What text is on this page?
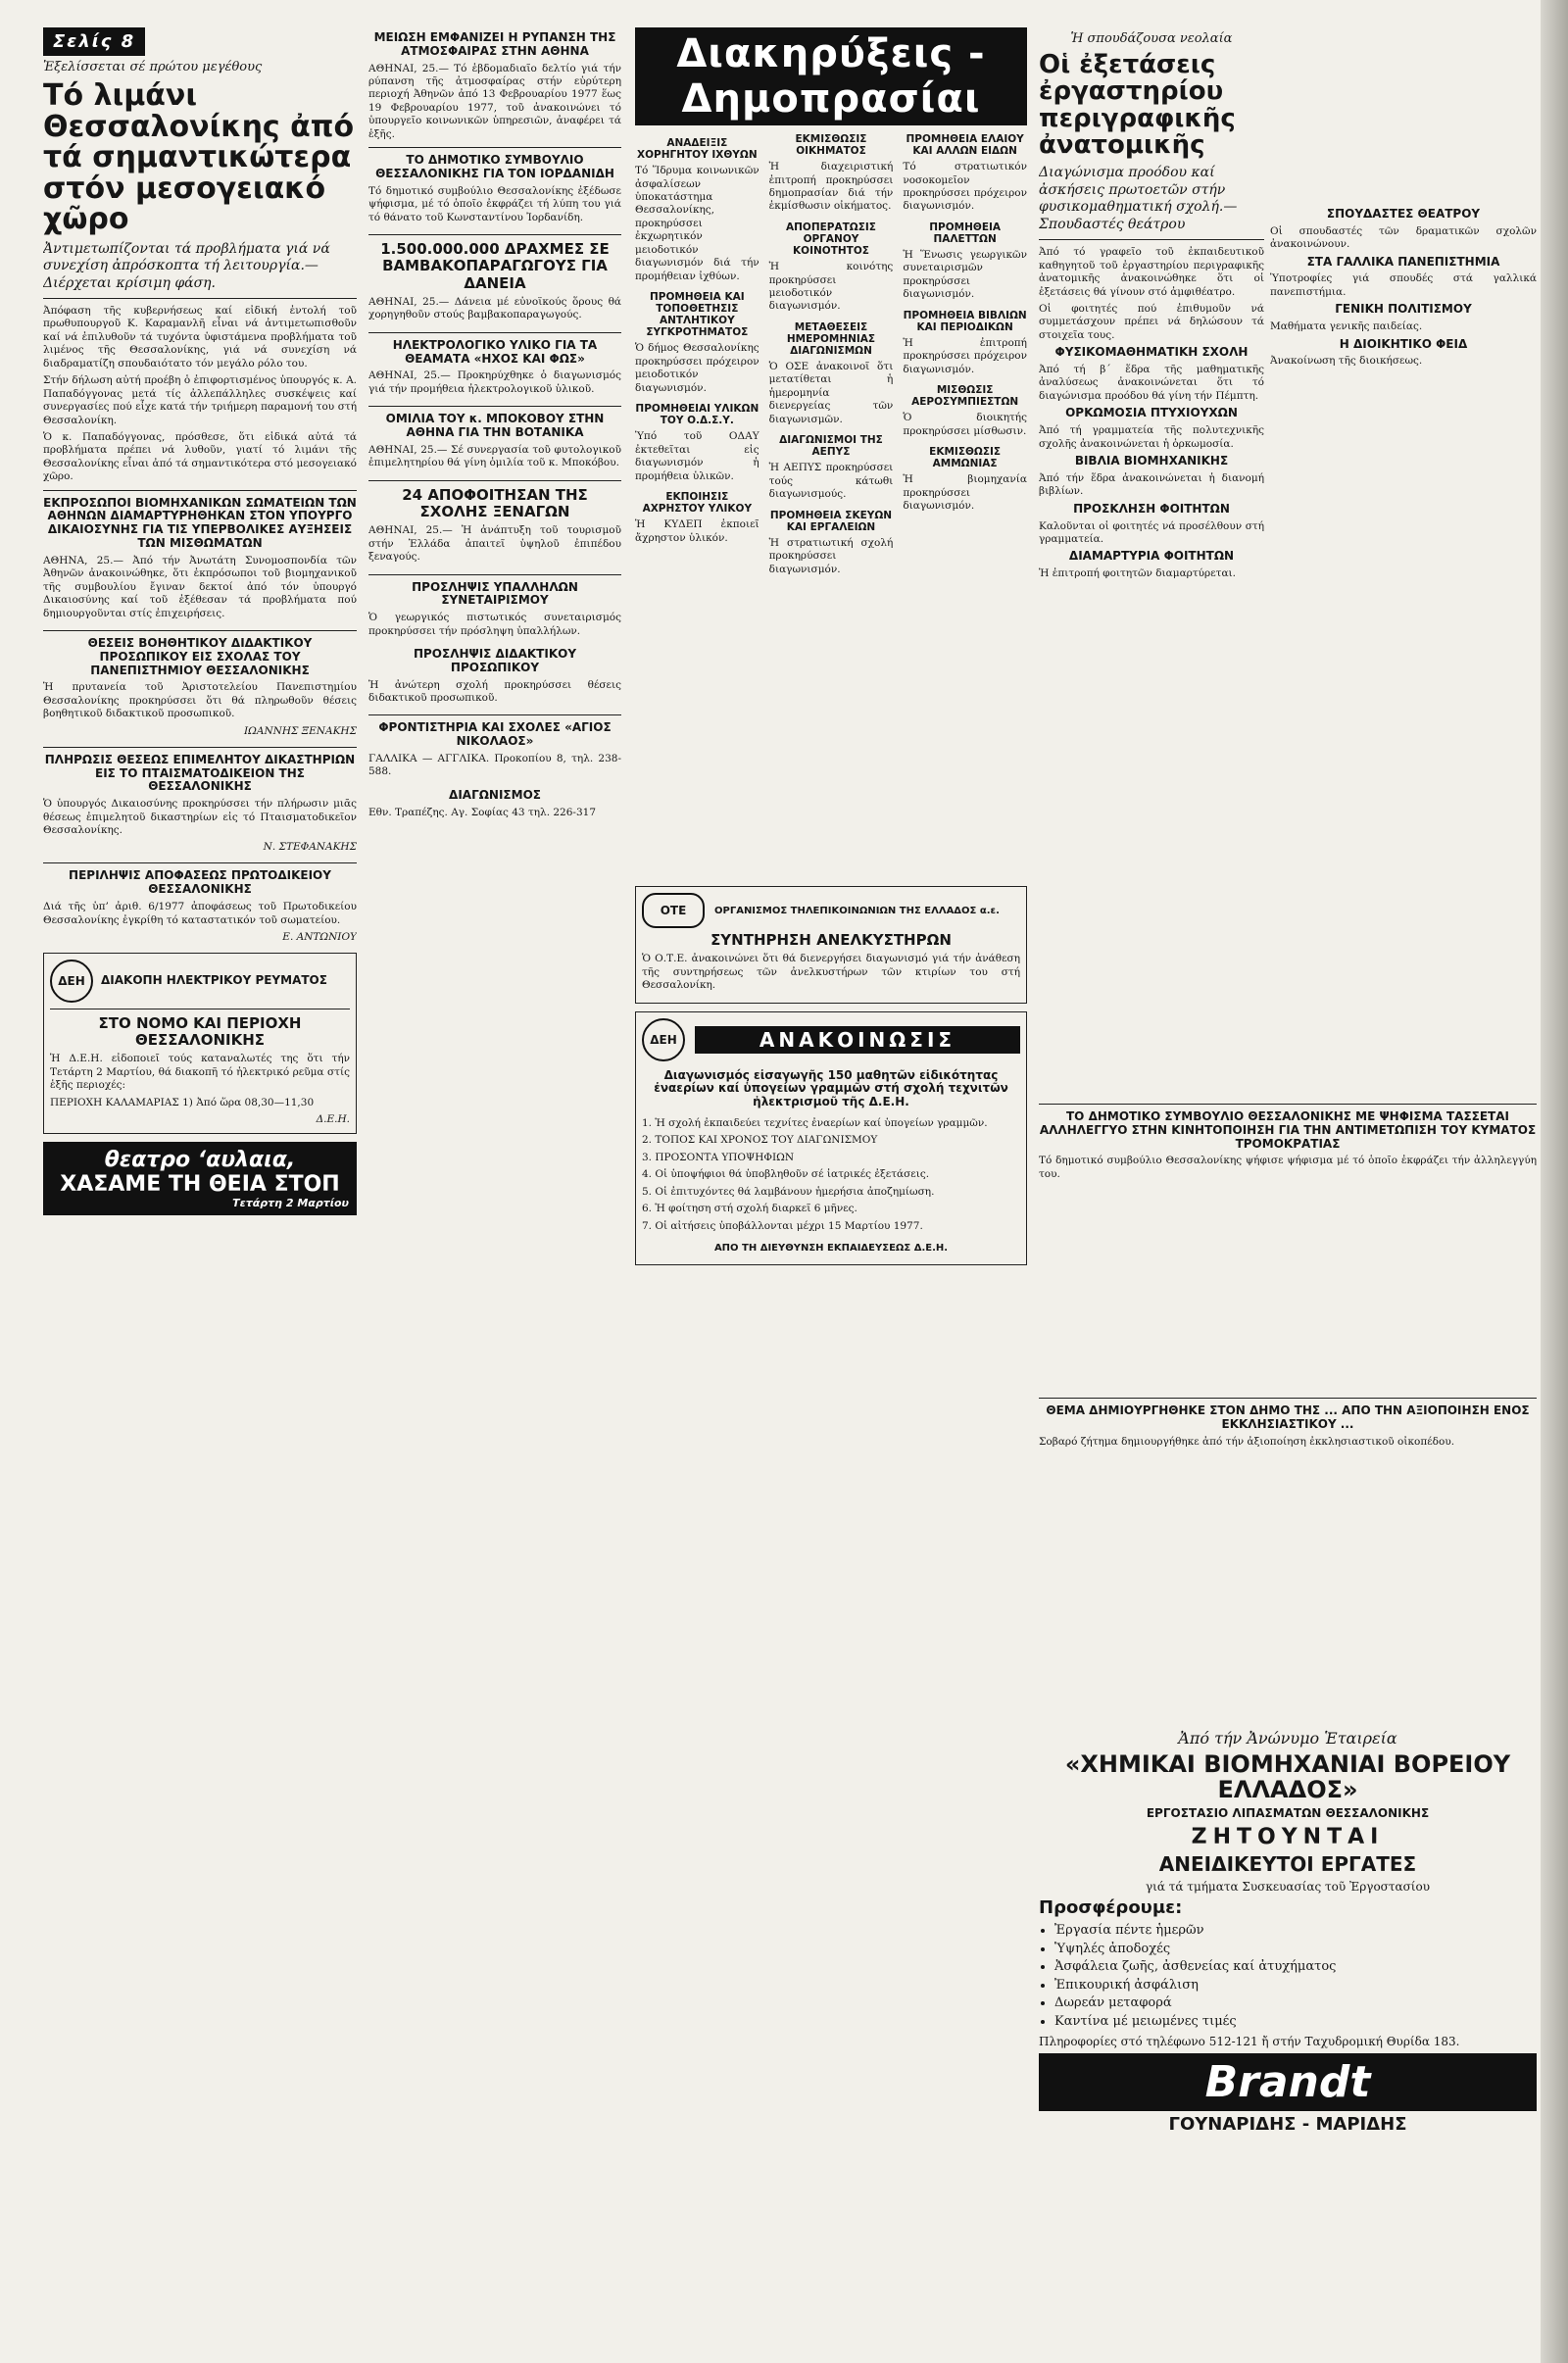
Σελίς 8
Ἐξελίσσεται σέ πρώτου μεγέθους
Τό λιμάνι Θεσσαλονίκης ἀπό τά σημαντικώτερα στόν μεσογειακό χῶρο
Ἀντιμετωπίζονται τά προβλήματα γιά νά συνεχίση ἀπρόσκοπτα τή λειτουργία.— Διέρχεται κρίσιμη φάση.

Ἀπόφαση τῆς κυβερνήσεως καί εἰδική ἐντολή τοῦ πρωθυπουργοῦ Κ. Καραμανλῆ εἶναι νά ἀντιμετωπισθοῦν καί νά ἐπιλυθοῦν τά τυχόντα ὑφιστάμενα προβλήματα τοῦ λιμένος τῆς Θεσσαλονίκης, γιά νά συνεχίση νά διαδραματίζη σπουδαιότατο τόν μεγάλο ρόλο του.

Στήν δήλωση αὐτή προέβη ὁ ἐπιφορτισμένος ὑπουργός κ. Α. Παπαδόγγονας μετά τίς ἀλλεπάλληλες συσκέψεις καί συνεργασίες πού εἶχε κατά τήν τριήμερη παραμονή του στή Θεσσαλονίκη.

Ὁ κ. Παπαδόγγονας, πρόσθεσε, ὅτι εἰδικά αὐτά τά προβλήματα πρέπει νά λυθοῦν, γιατί τό λιμάνι τῆς Θεσσαλονίκης εἶναι ἀπό τά σημαντικότερα στό μεσογειακό χῶρο.

ΕΚΠΡΟΣΩΠΟΙ ΒΙΟΜΗΧΑΝΙΚΩΝ ΣΩΜΑΤΕΙΩΝ ΤΩΝ ΑΘΗΝΩΝ ΔΙΑΜΑΡΤΥΡΗΘΗΚΑΝ ΣΤΟΝ ΥΠΟΥΡΓΟ ΔΙΚΑΙΟΣΥΝΗΣ ΓΙΑ ΤΙΣ ΥΠΕΡΒΟΛΙΚΕΣ ΑΥΞΗΣΕΙΣ ΤΩΝ ΜΙΣΘΩΜΑΤΩΝ

ΑΘΗΝΑ, 25.— Ἀπό τήν Ἀνωτάτη Συνομοσπονδία τῶν Ἀθηνῶν ἀνακοινώθηκε, ὅτι ἐκπρόσωποι τοῦ βιομηχανικοῦ τῆς συμβουλίου ἔγιναν δεκτοί ἀπό τόν ὑπουργό Δικαιοσύνης καί τοῦ ἐξέθεσαν τά προβλήματα πού δημιουργοῦνται στίς ἐπιχειρήσεις.

ΘΕΣΕΙΣ ΒΟΗΘΗΤΙΚΟΥ ΔΙΔΑΚΤΙΚΟΥ ΠΡΟΣΩΠΙΚΟΥ ΕΙΣ ΣΧΟΛΑΣ ΤΟΥ ΠΑΝΕΠΙΣΤΗΜΙΟΥ ΘΕΣΣΑΛΟΝΙΚΗΣ

Ἡ πρυτανεία τοῦ Ἀριστοτελείου Πανεπιστημίου Θεσσαλονίκης προκηρύσσει ὅτι θά πληρωθοῦν θέσεις βοηθητικοῦ διδακτικοῦ προσωπικοῦ.

ΙΩΑΝΝΗΣ ΞΕΝΑΚΗΣ
ΠΛΗΡΩΣΙΣ ΘΕΣΕΩΣ ΕΠΙΜΕΛΗΤΟΥ ΔΙΚΑΣΤΗΡΙΩΝ ΕΙΣ ΤΟ ΠΤΑΙΣΜΑΤΟΔΙΚΕΙΟΝ ΤΗΣ ΘΕΣΣΑΛΟΝΙΚΗΣ

Ὁ ὑπουργός Δικαιοσύνης προκηρύσσει τήν πλήρωσιν μιᾶς θέσεως ἐπιμελητοῦ δικαστηρίων εἰς τό Πταισματοδικεῖον Θεσσαλονίκης.

Ν. ΣΤΕΦΑΝΑΚΗΣ
ΠΕΡΙΛΗΨΙΣ ΑΠΟΦΑΣΕΩΣ ΠΡΩΤΟΔΙΚΕΙΟΥ ΘΕΣΣΑΛΟΝΙΚΗΣ

Διά τῆς ὑπ’ ἀριθ. 6/1977 ἀποφάσεως τοῦ Πρωτοδικείου Θεσσαλονίκης ἐγκρίθη τό καταστατικόν τοῦ σωματείου.

Ε. ΑΝΤΩΝΙΟΥ
ΔΕΗ	ΔΙΑΚΟΠΗ ΗΛΕΚΤΡΙΚΟΥ ΡΕΥΜΑΤΟΣ
ΣΤΟ ΝΟΜΟ ΚΑΙ ΠΕΡΙΟΧΗ ΘΕΣΣΑΛΟΝΙΚΗΣ

Ἡ Δ.Ε.Η. εἰδοποιεῖ τούς καταναλωτές της ὅτι τήν Τετάρτη 2 Μαρτίου, θά διακοπῆ τό ἠλεκτρικό ρεῦμα στίς ἑξῆς περιοχές:

ΠΕΡΙΟΧΗ ΚΑΛΑΜΑΡΙΑΣ 1) Ἀπό ὥρα 08,30—11,30

Δ.Ε.Η.
θεατρο ‘αυλαια,
ΧΑΣΑΜΕ ΤΗ ΘΕΙΑ ΣΤΟΠ
Τετάρτη 2 Μαρτίου
ΜΕΙΩΣΗ ΕΜΦΑΝΙΖΕΙ Η ΡΥΠΑΝΣΗ ΤΗΣ ΑΤΜΟΣΦΑΙΡΑΣ ΣΤΗΝ ΑΘΗΝΑ

ΑΘΗΝΑΙ, 25.— Τό ἑβδομαδιαῖο δελτίο γιά τήν ρύπανση τῆς ἀτμοσφαίρας στήν εὐρύτερη περιοχή Ἀθηνῶν ἀπό 13 Φεβρουαρίου 1977 ἕως 19 Φεβρουαρίου 1977, τοῦ ἀνακοινώνει τό ὑπουργεῖο κοινωνικῶν ὑπηρεσιῶν, ἀναφέρει τά ἑξῆς.

ΤΟ ΔΗΜΟΤΙΚΟ ΣΥΜΒΟΥΛΙΟ ΘΕΣΣΑΛΟΝΙΚΗΣ ΓΙΑ ΤΟΝ ΙΟΡΔΑΝΙΔΗ

Τό δημοτικό συμβούλιο Θεσσαλονίκης ἐξέδωσε ψήφισμα, μέ τό ὁποῖο ἐκφράζει τή λύπη του γιά τό θάνατο τοῦ Κωνσταντίνου Ἰορδανίδη.

1.500.000.000 ΔΡΑΧΜΕΣ ΣΕ ΒΑΜΒΑΚΟΠΑΡΑΓΩΓΟΥΣ ΓΙΑ ΔΑΝΕΙΑ

ΑΘΗΝΑΙ, 25.— Δάνεια μέ εὐνοϊκούς ὅρους θά χορηγηθοῦν στούς βαμβακοπαραγωγούς.

ΗΛΕΚΤΡΟΛΟΓΙΚΟ ΥΛΙΚΟ ΓΙΑ ΤΑ ΘΕΑΜΑΤΑ «ΗΧΟΣ ΚΑΙ ΦΩΣ»

ΑΘΗΝΑΙ, 25.— Προκηρύχθηκε ὁ διαγωνισμός γιά τήν προμήθεια ἠλεκτρολογικοῦ ὑλικοῦ.

ΟΜΙΛΙΑ ΤΟΥ κ. ΜΠΟΚΟΒΟΥ ΣΤΗΝ ΑΘΗΝΑ ΓΙΑ ΤΗΝ ΒΟΤΑΝΙΚΑ

ΑΘΗΝΑΙ, 25.— Σέ συνεργασία τοῦ φυτολογικοῦ ἐπιμελητηρίου θά γίνη ὁμιλία τοῦ κ. Μποκόβου.

24 ΑΠΟΦΟΙΤΗΣΑΝ ΤΗΣ ΣΧΟΛΗΣ ΞΕΝΑΓΩΝ

ΑΘΗΝΑΙ, 25.— Ἡ ἀνάπτυξη τοῦ τουρισμοῦ στήν Ἑλλάδα ἀπαιτεῖ ὑψηλοῦ ἐπιπέδου ξεναγούς.

ΠΡΟΣΛΗΨΙΣ ΥΠΑΛΛΗΛΩΝ ΣΥΝΕΤΑΙΡΙΣΜΟΥ

Ὁ γεωργικός πιστωτικός συνεταιρισμός προκηρύσσει τήν πρόσληψη ὑπαλλήλων.

ΠΡΟΣΛΗΨΙΣ ΔΙΔΑΚΤΙΚΟΥ ΠΡΟΣΩΠΙΚΟΥ

Ἡ ἀνώτερη σχολή προκηρύσσει θέσεις διδακτικοῦ προσωπικοῦ.

ΦΡΟΝΤΙΣΤΗΡΙΑ ΚΑΙ ΣΧΟΛΕΣ «ΑΓΙΟΣ ΝΙΚΟΛΑΟΣ»

ΓΑΛΛΙΚΑ — ΑΓΓΛΙΚΑ. Προκοπίου 8, τηλ. 238-588.

ΔΙΑΓΩΝΙΣΜΟΣ

Εθν. Τραπέζης. Αγ. Σοφίας 43 τηλ. 226-317

Διακηρύξεις - Δημοπρασίαι
ΑΝΑΔΕΙΞΙΣ ΧΟΡΗΓΗΤΟΥ ΙΧΘΥΩΝ

Τό Ἵδρυμα κοινωνικῶν ἀσφαλίσεων ὑποκατάστημα Θεσσαλονίκης, προκηρύσσει ἐκχωρητικόν μειοδοτικόν διαγωνισμόν διά τήν προμήθειαν ἰχθύων.

ΠΡΟΜΗΘΕΙΑ ΚΑΙ ΤΟΠΟΘΕΤΗΣΙΣ ΑΝΤΛΗΤΙΚΟΥ ΣΥΓΚΡΟΤΗΜΑΤΟΣ

Ὁ δήμος Θεσσαλονίκης προκηρύσσει πρόχειρον μειοδοτικόν διαγωνισμόν.

ΠΡΟΜΗΘΕΙΑΙ ΥΛΙΚΩΝ ΤΟΥ Ο.Δ.Σ.Υ.

Ὑπό τοῦ ΟΔΑΥ ἐκτεθεῖται εἰς διαγωνισμόν ἡ προμήθεια ὑλικῶν.

ΕΚΠΟΙΗΣΙΣ ΑΧΡΗΣΤΟΥ ΥΛΙΚΟΥ

Ἡ ΚΥΔΕΠ ἐκποιεῖ ἄχρηστον ὑλικόν.

ΕΚΜΙΣΘΩΣΙΣ ΟΙΚΗΜΑΤΟΣ

Ἡ διαχειριστική ἐπιτροπή προκηρύσσει δημοπρασίαν διά τήν ἐκμίσθωσιν οἰκήματος.

ΑΠΟΠΕΡΑΤΩΣΙΣ ΟΡΓΑΝΟΥ ΚΟΙΝΟΤΗΤΟΣ

Ἡ κοινότης προκηρύσσει μειοδοτικόν διαγωνισμόν.

ΜΕΤΑΘΕΣΕΙΣ ΗΜΕΡΟΜΗΝΙΑΣ ΔΙΑΓΩΝΙΣΜΩΝ

Ὁ ΟΣΕ ἀνακοινοῖ ὅτι μετατίθεται ἡ ἡμερομηνία διενεργείας τῶν διαγωνισμῶν.

ΔΙΑΓΩΝΙΣΜΟΙ ΤΗΣ ΑΕΠΥΣ

Ἡ ΑΕΠΥΣ προκηρύσσει τούς κάτωθι διαγωνισμούς.

ΠΡΟΜΗΘΕΙΑ ΣΚΕΥΩΝ ΚΑΙ ΕΡΓΑΛΕΙΩΝ

Ἡ στρατιωτική σχολή προκηρύσσει διαγωνισμόν.

ΠΡΟΜΗΘΕΙΑ ΕΛΑΙΟΥ ΚΑΙ ΑΛΛΩΝ ΕΙΔΩΝ

Τό στρατιωτικόν νοσοκομεῖον προκηρύσσει πρόχειρον διαγωνισμόν.

ΠΡΟΜΗΘΕΙΑ ΠΑΛΕΤΤΩΝ

Ἡ Ἕνωσις γεωργικῶν συνεταιρισμῶν προκηρύσσει διαγωνισμόν.

ΠΡΟΜΗΘΕΙΑ ΒΙΒΛΙΩΝ ΚΑΙ ΠΕΡΙΟΔΙΚΩΝ

Ἡ ἐπιτροπή προκηρύσσει πρόχειρον διαγωνισμόν.

ΜΙΣΘΩΣΙΣ ΑΕΡΟΣΥΜΠΙΕΣΤΩΝ

Ὁ διοικητής προκηρύσσει μίσθωσιν.

ΕΚΜΙΣΘΩΣΙΣ ΑΜΜΩΝΙΑΣ

Ἡ βιομηχανία προκηρύσσει διαγωνισμόν.

ΟΤΕ	ΟΡΓΑΝΙΣΜΟΣ ΤΗΛΕΠΙΚΟΙΝΩΝΙΩΝ ΤΗΣ ΕΛΛΑΔΟΣ α.ε.
ΣΥΝΤΗΡΗΣΗ ΑΝΕΛΚΥΣΤΗΡΩΝ

Ὁ Ο.Τ.Ε. ἀνακοινώνει ὅτι θά διενεργήσει διαγωνισμό γιά τήν ἀνάθεση τῆς συντηρήσεως τῶν ἀνελκυστήρων τῶν κτιρίων του στή Θεσσαλονίκη.

ΔΕΗ	ΑΝΑΚΟΙΝΩΣΙΣ
Διαγωνισμός εἰσαγωγῆς 150 μαθητῶν εἰδικότητας ἐναερίων καί ὑπογείων γραμμῶν στή σχολή τεχνιτῶν ἠλεκτρισμοῦ τῆς Δ.Ε.Η.

1. Ἡ σχολή ἐκπαιδεύει τεχνίτες ἐναερίων καί ὑπογείων γραμμῶν.

2. ΤΟΠΟΣ ΚΑΙ ΧΡΟΝΟΣ ΤΟΥ ΔΙΑΓΩΝΙΣΜΟΥ

3. ΠΡΟΣΟΝΤΑ ΥΠΟΨΗΦΙΩΝ

4. Οἱ ὑποψήφιοι θά ὑποβληθοῦν σέ ἰατρικές ἐξετάσεις.

5. Οἱ ἐπιτυχόντες θά λαμβάνουν ἡμερήσια ἀποζημίωση.

6. Ἡ φοίτηση στή σχολή διαρκεῖ 6 μῆνες.

7. Οἱ αἰτήσεις ὑποβάλλονται μέχρι 15 Μαρτίου 1977.

ΑΠΟ ΤΗ ΔΙΕΥΘΥΝΣΗ ΕΚΠΑΙΔΕΥΣΕΩΣ Δ.Ε.Η.
Ἡ σπουδάζουσα νεολαία
Οἱ ἐξετάσεις ἐργαστηρίου περιγραφικῆς ἀνατομικῆς
Διαγώνισμα προόδου καί ἀσκήσεις πρωτοετῶν στήν φυσικομαθηματική σχολή.— Σπουδαστές θεάτρου

Ἀπό τό γραφεῖο τοῦ ἐκπαιδευτικοῦ καθηγητοῦ τοῦ ἐργαστηρίου περιγραφικῆς ἀνατομικῆς ἀνακοινώθηκε ὅτι οἱ ἐξετάσεις θά γίνουν στό ἀμφιθέατρο.

Οἱ φοιτητές πού ἐπιθυμοῦν νά συμμετάσχουν πρέπει νά δηλώσουν τά στοιχεῖα τους.

ΦΥΣΙΚΟΜΑΘΗΜΑΤΙΚΗ ΣΧΟΛΗ

Ἀπό τή β΄ ἕδρα τῆς μαθηματικῆς ἀναλύσεως ἀνακοινώνεται ὅτι τό διαγώνισμα προόδου θά γίνη τήν Πέμπτη.

ΟΡΚΩΜΟΣΙΑ ΠΤΥΧΙΟΥΧΩΝ

Ἀπό τή γραμματεία τῆς πολυτεχνικῆς σχολῆς ἀνακοινώνεται ἡ ὁρκωμοσία.

ΒΙΒΛΙΑ ΒΙΟΜΗΧΑΝΙΚΗΣ

Ἀπό τήν ἕδρα ἀνακοινώνεται ἡ διανομή βιβλίων.

ΠΡΟΣΚΛΗΣΗ ΦΟΙΤΗΤΩΝ

Καλοῦνται οἱ φοιτητές νά προσέλθουν στή γραμματεία.

ΔΙΑΜΑΡΤΥΡΙΑ ΦΟΙΤΗΤΩΝ

Ἡ ἐπιτροπή φοιτητῶν διαμαρτύρεται.

ΤΟ ΔΗΜΟΤΙΚΟ ΣΥΜΒΟΥΛΙΟ ΘΕΣΣΑΛΟΝΙΚΗΣ ΜΕ ΨΗΦΙΣΜΑ ΤΑΣΣΕΤΑΙ ΑΛΛΗΛΕΓΓΥΟ ΣΤΗΝ ΚΙΝΗΤΟΠΟΙΗΣΗ ΓΙΑ ΤΗΝ ΑΝΤΙΜΕΤΩΠΙΣΗ ΤΟΥ ΚΥΜΑΤΟΣ ΤΡΟΜΟΚΡΑΤΙΑΣ

Τό δημοτικό συμβούλιο Θεσσαλονίκης ψήφισε ψήφισμα μέ τό ὁποῖο ἐκφράζει τήν ἀλληλεγγύη του.

ΘΕΜΑ ΔΗΜΙΟΥΡΓΗΘΗΚΕ ΣΤΟΝ ΔΗΜΟ ΤΗΣ ... ΑΠΟ ΤΗΝ ΑΞΙΟΠΟΙΗΣΗ ΕΝΟΣ ΕΚΚΛΗΣΙΑΣΤΙΚΟΥ ...

Σοβαρό ζήτημα δημιουργήθηκε ἀπό τήν ἀξιοποίηση ἐκκλησιαστικοῦ οἰκοπέδου.

ΣΠΟΥΔΑΣΤΕΣ ΘΕΑΤΡΟΥ

Οἱ σπουδαστές τῶν δραματικῶν σχολῶν ἀνακοινώνουν.

ΣΤΑ ΓΑΛΛΙΚΑ ΠΑΝΕΠΙΣΤΗΜΙΑ

Ὑποτροφίες γιά σπουδές στά γαλλικά πανεπιστήμια.

ΓΕΝΙΚΗ ΠΟΛΙΤΙΣΜΟΥ

Μαθήματα γενικῆς παιδείας.

Η ΔΙΟΙΚΗΤΙΚΟ ΦΕΙΔ

Ἀνακοίνωση τῆς διοικήσεως.

Ἀπό τήν Ἀνώνυμο Ἑταιρεία
«ΧΗΜΙΚΑΙ ΒΙΟΜΗΧΑΝΙΑΙ ΒΟΡΕΙΟΥ ΕΛΛΑΔΟΣ»
ΕΡΓΟΣΤΑΣΙΟ ΛΙΠΑΣΜΑΤΩΝ ΘΕΣΣΑΛΟΝΙΚΗΣ
ΖΗΤΟΥΝΤΑΙ
ΑΝΕΙΔΙΚΕΥΤΟΙ ΕΡΓΑΤΕΣ
γιά τά τμήματα Συσκευασίας τοῦ Ἐργοστασίου
Προσφέρουμε:
• Ἐργασία πέντε ἡμερῶν
• Ὑψηλές ἀποδοχές
• Ἀσφάλεια ζωῆς, ἀσθενείας καί ἀτυχήματος
• Ἐπικουρική ἀσφάλιση
• Δωρεάν μεταφορά
• Καντίνα μέ μειωμένες τιμές
Πληροφορίες στό τηλέφωνο 512-121 ἤ στήν Ταχυδρομική Θυρίδα 183.
Brandt
ΓΟΥΝΑΡΙΔΗΣ - ΜΑΡΙΔΗΣ
